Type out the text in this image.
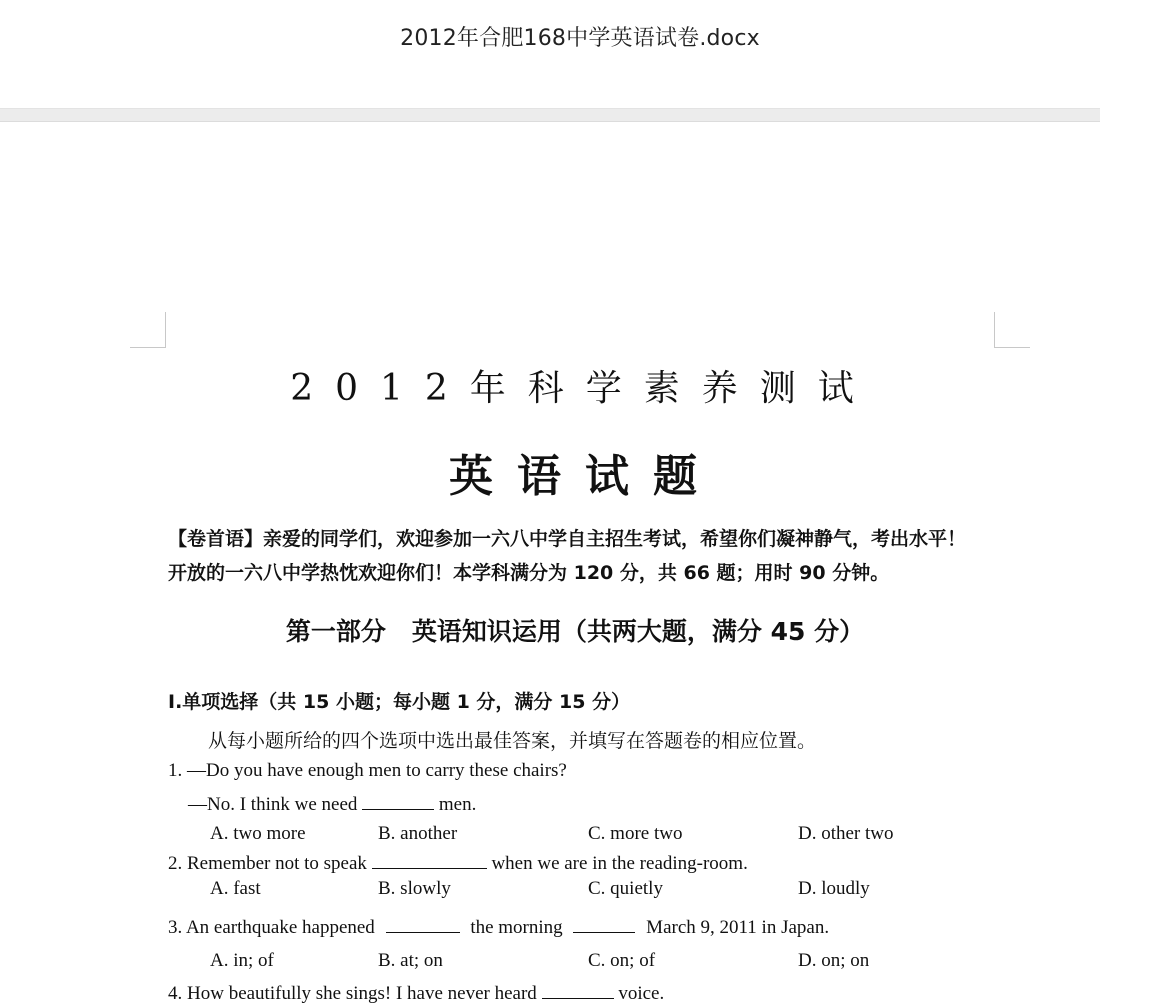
2012年合肥168中学英语试卷.docx
2012年科学素养测试
英语试题
【卷首语】亲爱的同学们，欢迎参加一六八中学自主招生考试，希望你们凝神静气，考出水平！
开放的一六八中学热忱欢迎你们！本学科满分为 120 分，共 66 题；用时 90 分钟。
第一部分 英语知识运用（共两大题，满分 45 分）
I.单项选择（共 15 小题；每小题 1 分，满分 15 分）
从每小题所给的四个选项中选出最佳答案，并填写在答题卷的相应位置。
1. —Do you have enough men to carry these chairs?
—No. I think we need	men.
A. two more	B. another	C. more two	D. other two
2. Remember not to speak	when we are in the reading-room.
A. fast	B. slowly	C. quietly	D. loudly
3. An earthquake happened	the morning	March 9, 2011 in Japan.
A. in; of	B. at; on	C. on; of	D. on; on
4. How beautifully she sings! I have never heard	voice.
